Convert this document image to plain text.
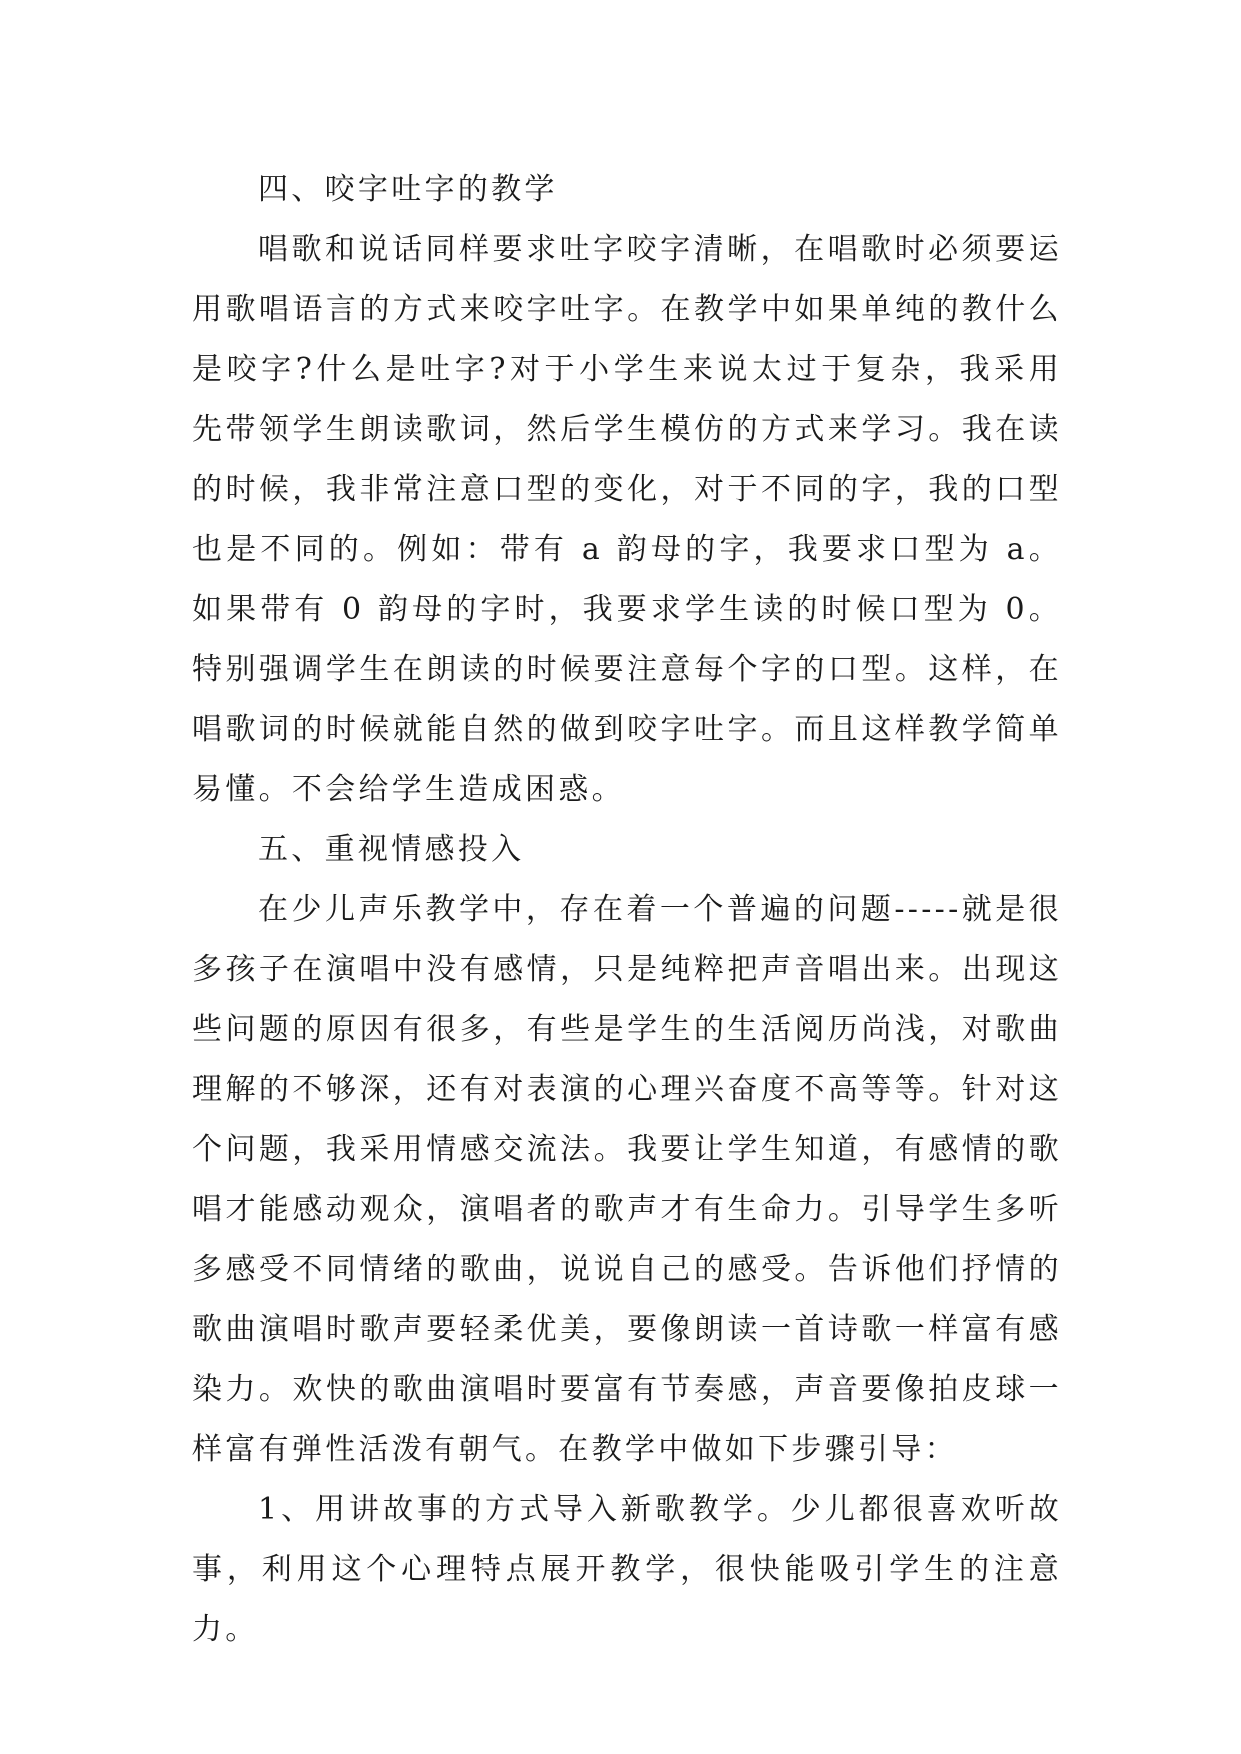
四、咬字吐字的教学

唱歌和说话同样要求吐字咬字清晰，在唱歌时必须要运用歌唱语言的方式来咬字吐字。在教学中如果单纯的教什么是咬字?什么是吐字?对于小学生来说太过于复杂，我采用先带领学生朗读歌词，然后学生模仿的方式来学习。我在读的时候，我非常注意口型的变化，对于不同的字，我的口型也是不同的。例如：带有 a 韵母的字，我要求口型为 a。如果带有 0 韵母的字时，我要求学生读的时候口型为 0。特别强调学生在朗读的时候要注意每个字的口型。这样，在唱歌词的时候就能自然的做到咬字吐字。而且这样教学简单易懂。不会给学生造成困惑。

五、重视情感投入

在少儿声乐教学中，存在着一个普遍的问题-----就是很多孩子在演唱中没有感情，只是纯粹把声音唱出来。出现这些问题的原因有很多，有些是学生的生活阅历尚浅，对歌曲理解的不够深，还有对表演的心理兴奋度不高等等。针对这个问题，我采用情感交流法。我要让学生知道，有感情的歌唱才能感动观众，演唱者的歌声才有生命力。引导学生多听多感受不同情绪的歌曲，说说自己的感受。告诉他们抒情的歌曲演唱时歌声要轻柔优美，要像朗读一首诗歌一样富有感染力。欢快的歌曲演唱时要富有节奏感，声音要像拍皮球一样富有弹性活泼有朝气。在教学中做如下步骤引导：

1、用讲故事的方式导入新歌教学。少儿都很喜欢听故事，利用这个心理特点展开教学，很快能吸引学生的注意力。
